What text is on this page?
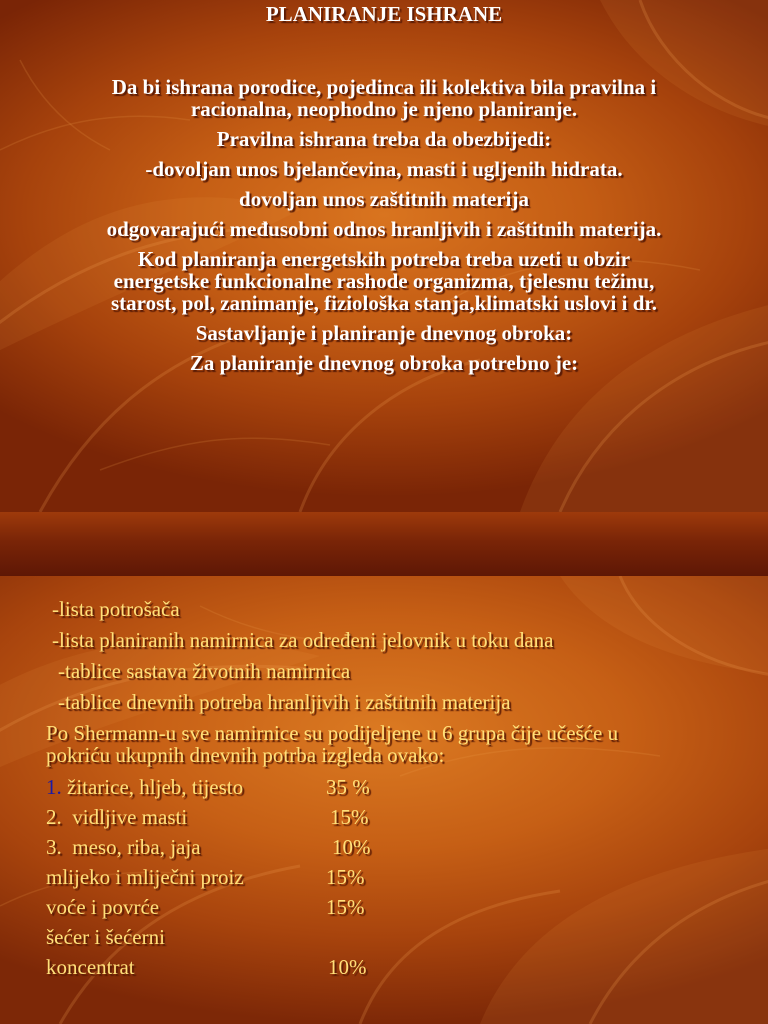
PLANIRANJE ISHRANE

Da bi ishrana porodice, pojedinca ili kolektiva bila pravilna i racionalna, neophodno je njeno planiranje.

Pravilna ishrana treba da obezbijedi:

-dovoljan unos bjelančevina, masti i ugljenih hidrata.

dovoljan unos zaštitnih materija

odgovarajući međusobni odnos hranljivih i zaštitnih materija.

Kod planiranja energetskih potreba treba uzeti u obzir energetske funkcionalne rashode organizma, tjelesnu težinu, starost, pol, zanimanje, fiziološka stanja,klimatski uslovi i dr.

Sastavljanje i planiranje dnevnog obroka:

Za planiranje dnevnog obroka potrebno je:

-lista potrošača

-lista planiranih namirnica za određeni jelovnik u toku dana

-tablice sastava životnih namirnica

-tablice dnevnih potreba hranljivih i zaštitnih materija

Po Shermann-u sve namirnice su podijeljene u 6 grupa čije učešće u pokriću ukupnih dnevnih potrba izgleda ovako:

1. žitarice, hljeb, tijesto	35 %
2. vidljive masti	15%
3. meso, riba, jaja	10%
mlijeko i mliječni proiz	15%
voće i povrće	15%
šećer i šećerni
koncentrat	10%
